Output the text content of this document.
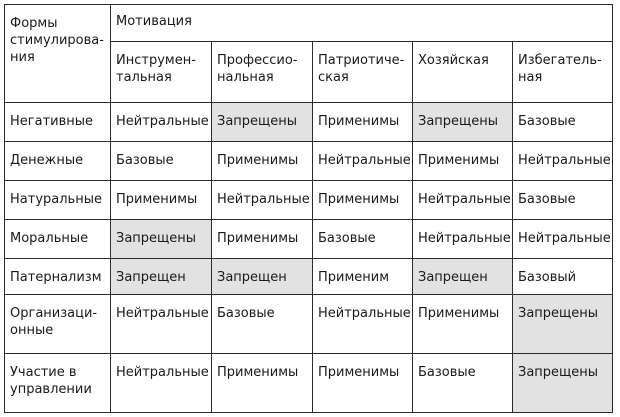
Формы стимулирова-ния	Мотивация				
	Инструмен-тальная	Профессио-нальная	Патриотиче-ская	Хозяйская	Избегатель-ная
Негативные	Нейтральные	Запрещены	Применимы	Запрещены	Базовые
Денежные	Базовые	Применимы	Нейтральные	Применимы	Нейтральные
Натуральные	Применимы	Нейтральные	Применимы	Нейтральные	Базовые
Моральные	Запрещены	Применимы	Базовые	Нейтральные	Нейтральные
Патернализм	Запрещен	Запрещен	Применим	Запрещен	Базовый
Организаци-онные	Нейтральные	Базовые	Нейтральные	Применимы	Запрещены
Участие в управлении	Нейтральные	Применимы	Применимы	Базовые	Запрещены
